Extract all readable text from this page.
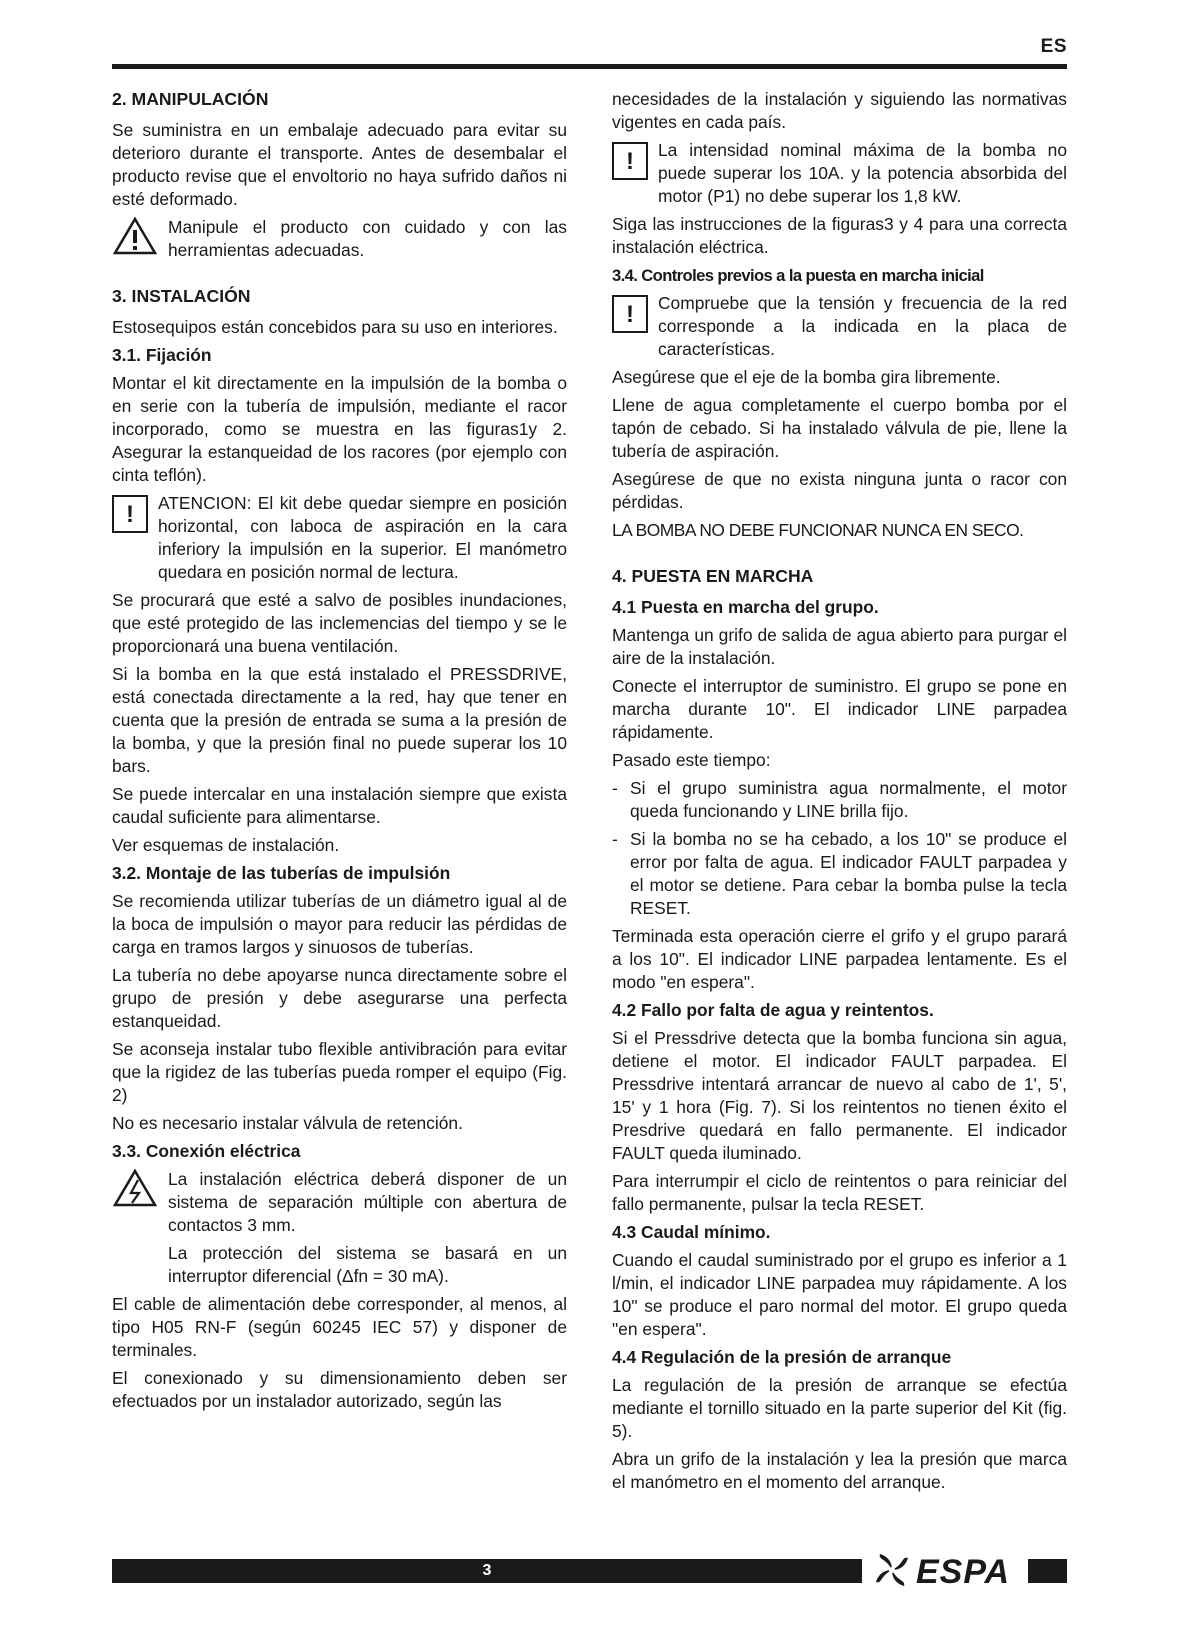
ES
2. MANIPULACIÓN

Se suministra en un embalaje adecuado para evitar su deterioro durante el transporte. Antes de desembalar el producto revise que el envoltorio no haya sufrido daños ni esté deformado.

Manipule el producto con cuidado y con las herramientas adecuadas.
3. INSTALACIÓN

Estosequipos están concebidos para su uso en interiores.

3.1. Fijación

Montar el kit directamente en la impulsión de la bomba o en serie con la tubería de impulsión, mediante el racor incorporado, como se muestra en las figuras1y 2. Asegurar la estanqueidad de los racores (por ejemplo con cinta teflón).

!	ATENCION: El kit debe quedar siempre en posición horizontal, con laboca de aspiración en la cara inferiory la impulsión en la superior. El manómetro quedara en posición normal de lectura.

Se procurará que esté a salvo de posibles inundaciones, que esté protegido de las inclemencias del tiempo y se le proporcionará una buena ventilación.

Si la bomba en la que está instalado el PRESSDRIVE, está conectada directamente a la red, hay que tener en cuenta que la presión de entrada se suma a la presión de la bomba, y que la presión final no puede superar los 10 bars.

Se puede intercalar en una instalación siempre que exista caudal suficiente para alimentarse.

Ver esquemas de instalación.

3.2. Montaje de las tuberías de impulsión

Se recomienda utilizar tuberías de un diámetro igual al de la boca de impulsión o mayor para reducir las pérdidas de carga en tramos largos y sinuosos de tuberías.

La tubería no debe apoyarse nunca directamente sobre el grupo de presión y debe asegurarse una perfecta estanqueidad.

Se aconseja instalar tubo flexible antivibración para evitar que la rigidez de las tuberías pueda romper el equipo (Fig. 2)

No es necesario instalar válvula de retención.

3.3. Conexión eléctrica
La instalación eléctrica deberá disponer de un sistema de separación múltiple con abertura de contactos 3 mm.

La protección del sistema se basará en un interruptor diferencial (Δfn = 30 mA).

El cable de alimentación debe corresponder, al menos, al tipo H05 RN-F (según 60245 IEC 57) y disponer de terminales.

El conexionado y su dimensionamiento deben ser efectuados por un instalador autorizado, según las

necesidades de la instalación y siguiendo las normativas vigentes en cada país.

!	La intensidad nominal máxima de la bomba no puede superar los 10A. y la potencia absorbida del motor (P1) no debe superar los 1,8 kW.

Siga las instrucciones de la figuras3 y 4 para una correcta instalación eléctrica.

3.4. Controles previos a la puesta en marcha inicial
!	Compruebe que la tensión y frecuencia de la red corresponde a la indicada en la placa de características.

Asegúrese que el eje de la bomba gira libremente.

Llene de agua completamente el cuerpo bomba por el tapón de cebado. Si ha instalado válvula de pie, llene la tubería de aspiración.

Asegúrese de que no exista ninguna junta o racor con pérdidas.

LA BOMBA NO DEBE FUNCIONAR NUNCA EN SECO.

4. PUESTA EN MARCHA
4.1 Puesta en marcha del grupo.

Mantenga un grifo de salida de agua abierto para purgar el aire de la instalación.

Conecte el interruptor de suministro. El grupo se pone en marcha durante 10". El indicador LINE parpadea rápidamente.

Pasado este tiempo:

- Si el grupo suministra agua normalmente, el motor queda funcionando y LINE brilla fijo.
- Si la bomba no se ha cebado, a los 10" se produce el error por falta de agua. El indicador FAULT parpadea y el motor se detiene. Para cebar la bomba pulse la tecla RESET.

Terminada esta operación cierre el grifo y el grupo parará a los 10". El indicador LINE parpadea lentamente. Es el modo "en espera".

4.2 Fallo por falta de agua y reintentos.

Si el Pressdrive detecta que la bomba funciona sin agua, detiene el motor. El indicador FAULT parpadea. El Pressdrive intentará arrancar de nuevo al cabo de 1', 5', 15' y 1 hora (Fig. 7). Si los reintentos no tienen éxito el Presdrive quedará en fallo permanente. El indicador FAULT queda iluminado.

Para interrumpir el ciclo de reintentos o para reiniciar del fallo permanente, pulsar la tecla RESET.

4.3 Caudal mínimo.

Cuando el caudal suministrado por el grupo es inferior a 1 l/min, el indicador LINE parpadea muy rápidamente. A los 10" se produce el paro normal del motor. El grupo queda "en espera".

4.4 Regulación de la presión de arranque

La regulación de la presión de arranque se efectúa mediante el tornillo situado en la parte superior del Kit (fig. 5).

Abra un grifo de la instalación y lea la presión que marca el manómetro en el momento del arranque.

3	ESPA
